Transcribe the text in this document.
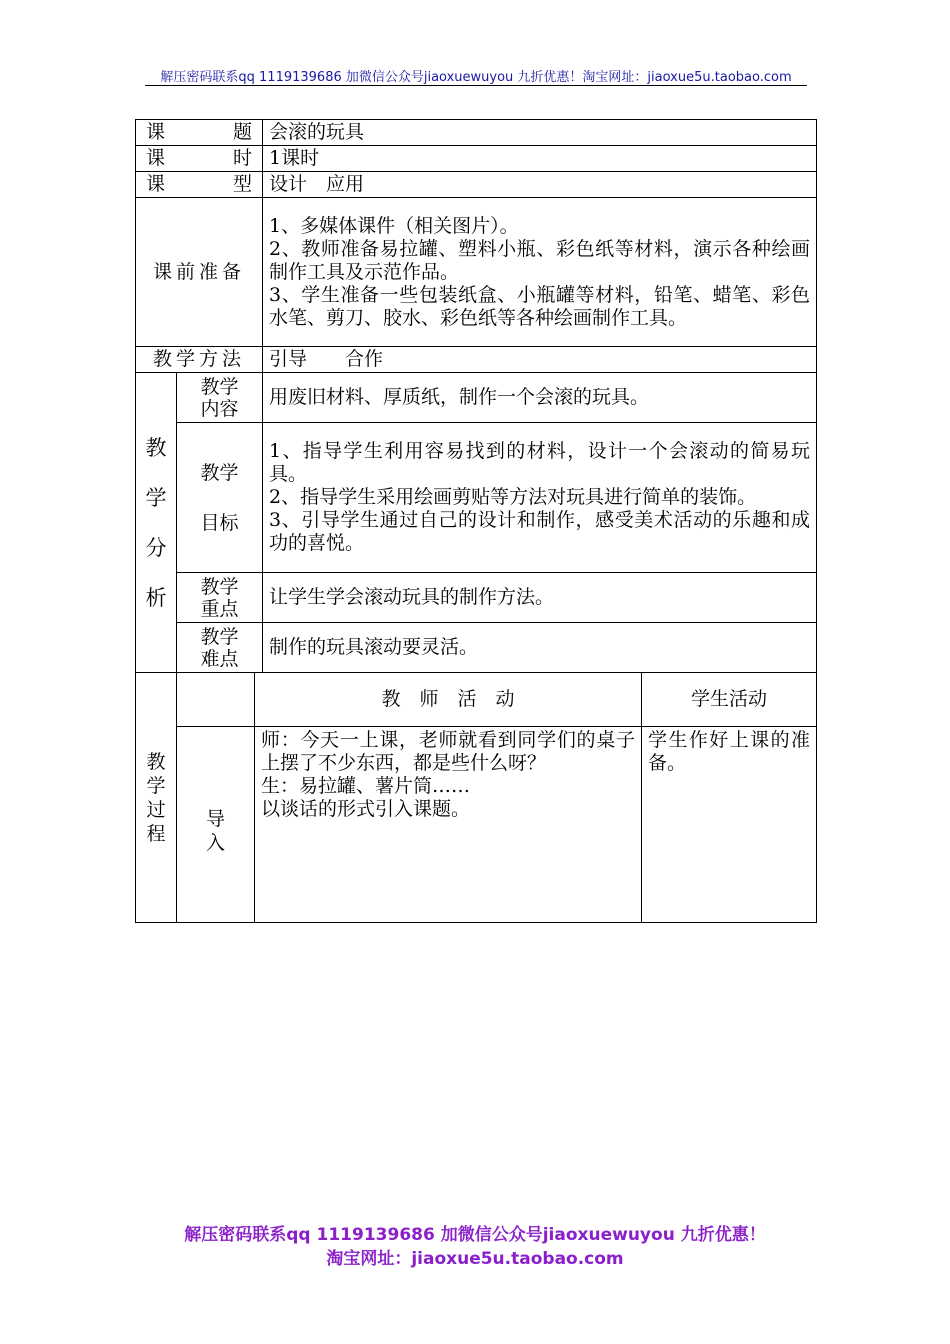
解压密码联系qq 1119139686 加微信公众号jiaoxuewuyou 九折优惠！淘宝网址：jiaoxue5u.taobao.com
课　题			会滚的玩具	
课　时			1课时	
课　型			设计　应用	
课前准备			1、多媒体课件（相关图片）。
2、教师准备易拉罐、塑料小瓶、彩色纸等材料，演示各种绘画制作工具及示范作品。
3、学生准备一些包装纸盒、小瓶罐等材料，铅笔、蜡笔、彩色水笔、剪刀、胶水、彩色纸等各种绘画制作工具。	

教学方法			引导　　合作	

教学分析	教学内容		用废旧材料、厚质纸，制作一个会滚的玩具。	

	教学目标		1、指导学生利用容易找到的材料，设计一个会滚动的简易玩具。
2、指导学生采用绘画剪贴等方法对玩具进行简单的装饰。
3、引导学生通过自己的设计和制作，感受美术活动的乐趣和成功的喜悦。	

	教学重点		让学生学会滚动玩具的制作方法。	

	教学难点		制作的玩具滚动要灵活。	

教学过程		教　师　活　动		学生活动

	导入	师：今天一上课，老师就看到同学们的桌子上摆了不少东西，都是些什么呀？
生：易拉罐、薯片筒……
以谈话的形式引入课题。		学生作好上课的准备。
解压密码联系qq 1119139686 加微信公众号jiaoxuewuyou 九折优惠！
淘宝网址：jiaoxue5u.taobao.com
